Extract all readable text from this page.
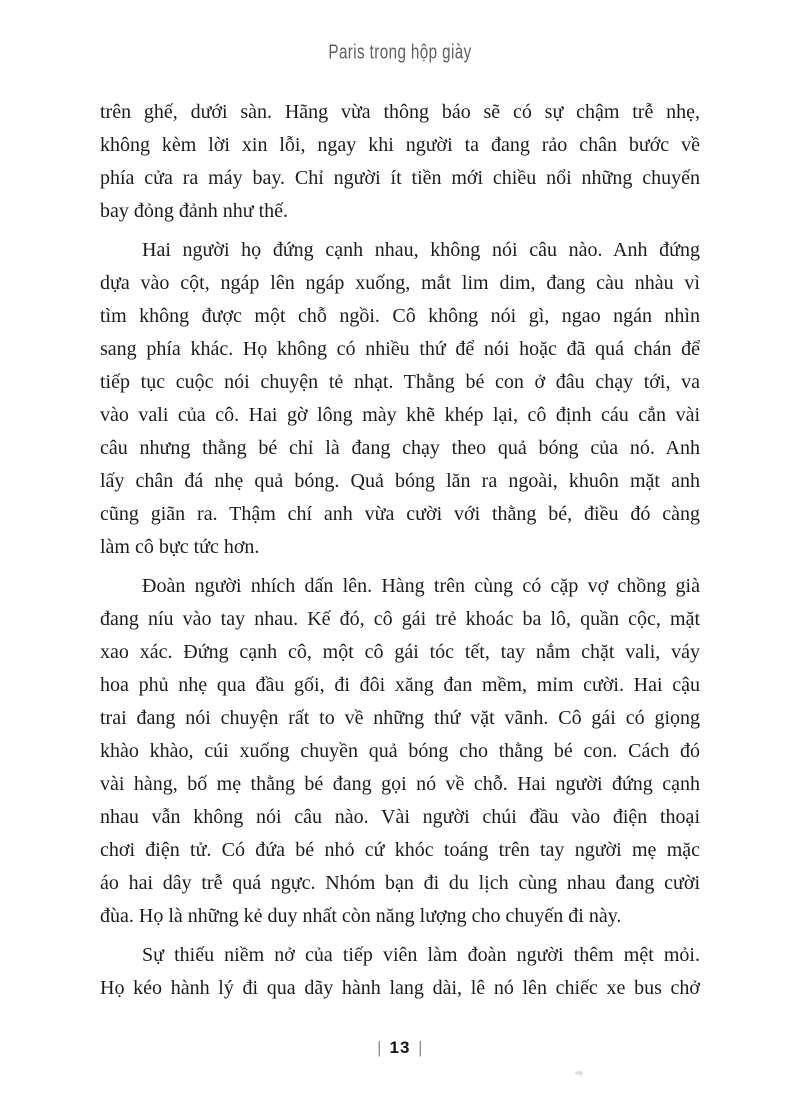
Paris trong hộp giày
trên ghế, dưới sàn. Hãng vừa thông báo sẽ có sự chậm trễ nhẹ,
không kèm lời xin lỗi, ngay khi người ta đang rảo chân bước về
phía cửa ra máy bay. Chỉ người ít tiền mới chiều nổi những chuyến
bay đỏng đảnh như thế.
Hai người họ đứng cạnh nhau, không nói câu nào. Anh đứng
dựa vào cột, ngáp lên ngáp xuống, mắt lim dim, đang càu nhàu vì
tìm không được một chỗ ngồi. Cô không nói gì, ngao ngán nhìn
sang phía khác. Họ không có nhiều thứ để nói hoặc đã quá chán để
tiếp tục cuộc nói chuyện tẻ nhạt. Thằng bé con ở đâu chạy tới, va
vào vali của cô. Hai gờ lông mày khẽ khép lại, cô định cáu cẳn vài
câu nhưng thằng bé chỉ là đang chạy theo quả bóng của nó. Anh
lấy chân đá nhẹ quả bóng. Quả bóng lăn ra ngoài, khuôn mặt anh
cũng giãn ra. Thậm chí anh vừa cười với thằng bé, điều đó càng
làm cô bực tức hơn.
Đoàn người nhích dấn lên. Hàng trên cùng có cặp vợ chồng già
đang níu vào tay nhau. Kế đó, cô gái trẻ khoác ba lô, quần cộc, mặt
xao xác. Đứng cạnh cô, một cô gái tóc tết, tay nắm chặt vali, váy
hoa phủ nhẹ qua đầu gối, đi đôi xăng đan mềm, mỉm cười. Hai cậu
trai đang nói chuyện rất to về những thứ vặt vãnh. Cô gái có giọng
khào khào, cúi xuống chuyền quả bóng cho thằng bé con. Cách đó
vài hàng, bố mẹ thằng bé đang gọi nó về chỗ. Hai người đứng cạnh
nhau vẫn không nói câu nào. Vài người chúi đầu vào điện thoại
chơi điện tử. Có đứa bé nhỏ cứ khóc toáng trên tay người mẹ mặc
áo hai dây trễ quá ngực. Nhóm bạn đi du lịch cùng nhau đang cười
đùa. Họ là những kẻ duy nhất còn năng lượng cho chuyến đi này.
Sự thiếu niềm nở của tiếp viên làm đoàn người thêm mệt mỏi.
Họ kéo hành lý đi qua dãy hành lang dài, lê nó lên chiếc xe bus chở
| 13 |
